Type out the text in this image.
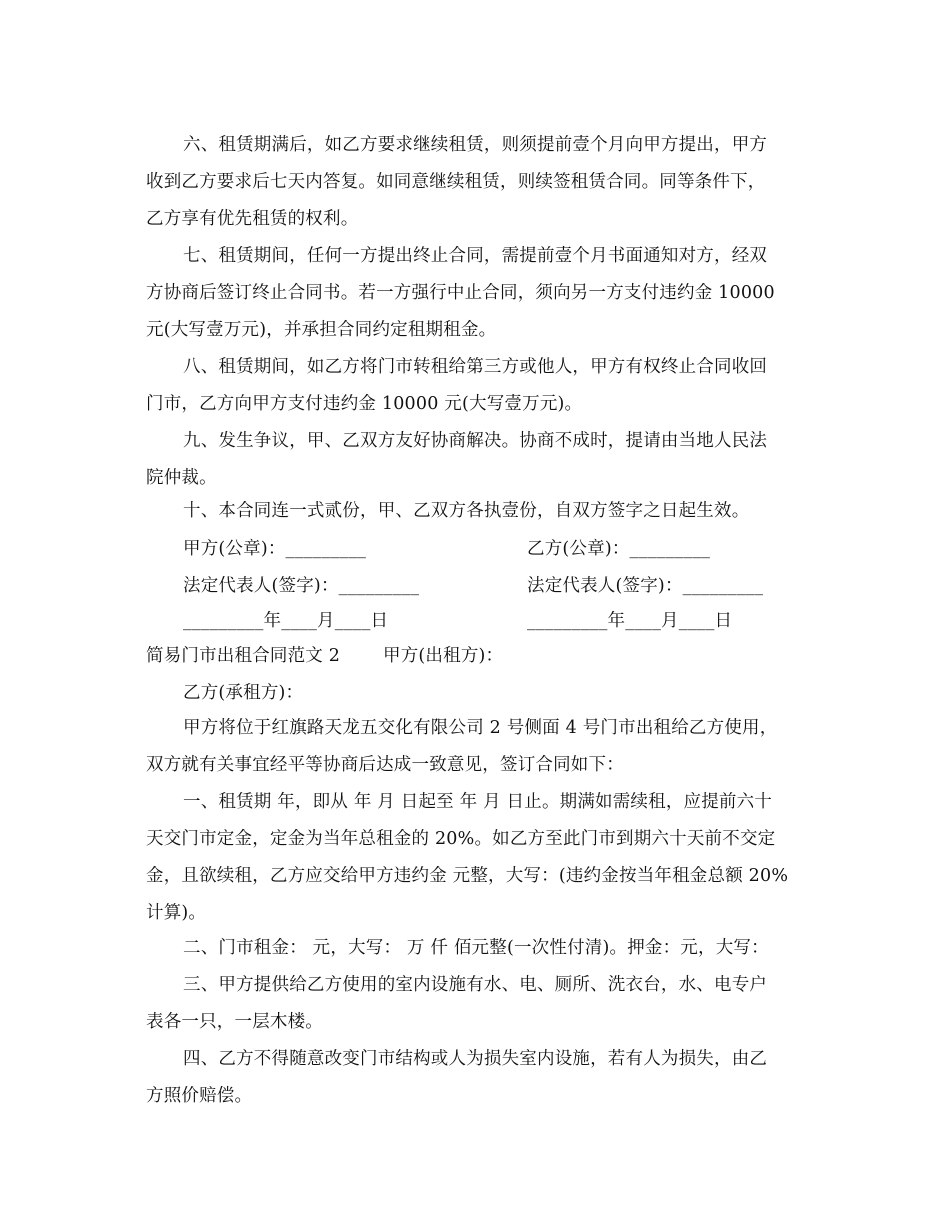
六、租赁期满后，如乙方要求继续租赁，则须提前壹个月向甲方提出，甲方
收到乙方要求后七天内答复。如同意继续租赁，则续签租赁合同。同等条件下，
乙方享有优先租赁的权利。
七、租赁期间，任何一方提出终止合同，需提前壹个月书面通知对方，经双
方协商后签订终止合同书。若一方强行中止合同，须向另一方支付违约金 10000
元(大写壹万元)，并承担合同约定租期租金。
八、租赁期间，如乙方将门市转租给第三方或他人，甲方有权终止合同收回
门市，乙方向甲方支付违约金 10000 元(大写壹万元)。
九、发生争议，甲、乙双方友好协商解决。协商不成时，提请由当地人民法
院仲裁。
十、本合同连一式贰份，甲、乙双方各执壹份，自双方签字之日起生效。
甲方(公章)：_________	乙方(公章)：_________
法定代表人(签字)：_________	法定代表人(签字)：_________
_________年____月____日	_________年____月____日
简易门市出租合同范文 2 甲方(出租方)：
乙方(承租方)：
甲方将位于红旗路天龙五交化有限公司 2 号侧面 4 号门市出租给乙方使用，
双方就有关事宜经平等协商后达成一致意见，签订合同如下：
一、租赁期 年，即从 年 月 日起至 年 月 日止。期满如需续租，应提前六十
天交门市定金，定金为当年总租金的 20%。如乙方至此门市到期六十天前不交定
金，且欲续租，乙方应交给甲方违约金 元整，大写：(违约金按当年租金总额 20%
计算)。
二、门市租金： 元，大写： 万 仟 佰元整(一次性付清)。押金：元，大写：
三、甲方提供给乙方使用的室内设施有水、电、厕所、洗衣台，水、电专户
表各一只，一层木楼。
四、乙方不得随意改变门市结构或人为损失室内设施，若有人为损失，由乙
方照价赔偿。
